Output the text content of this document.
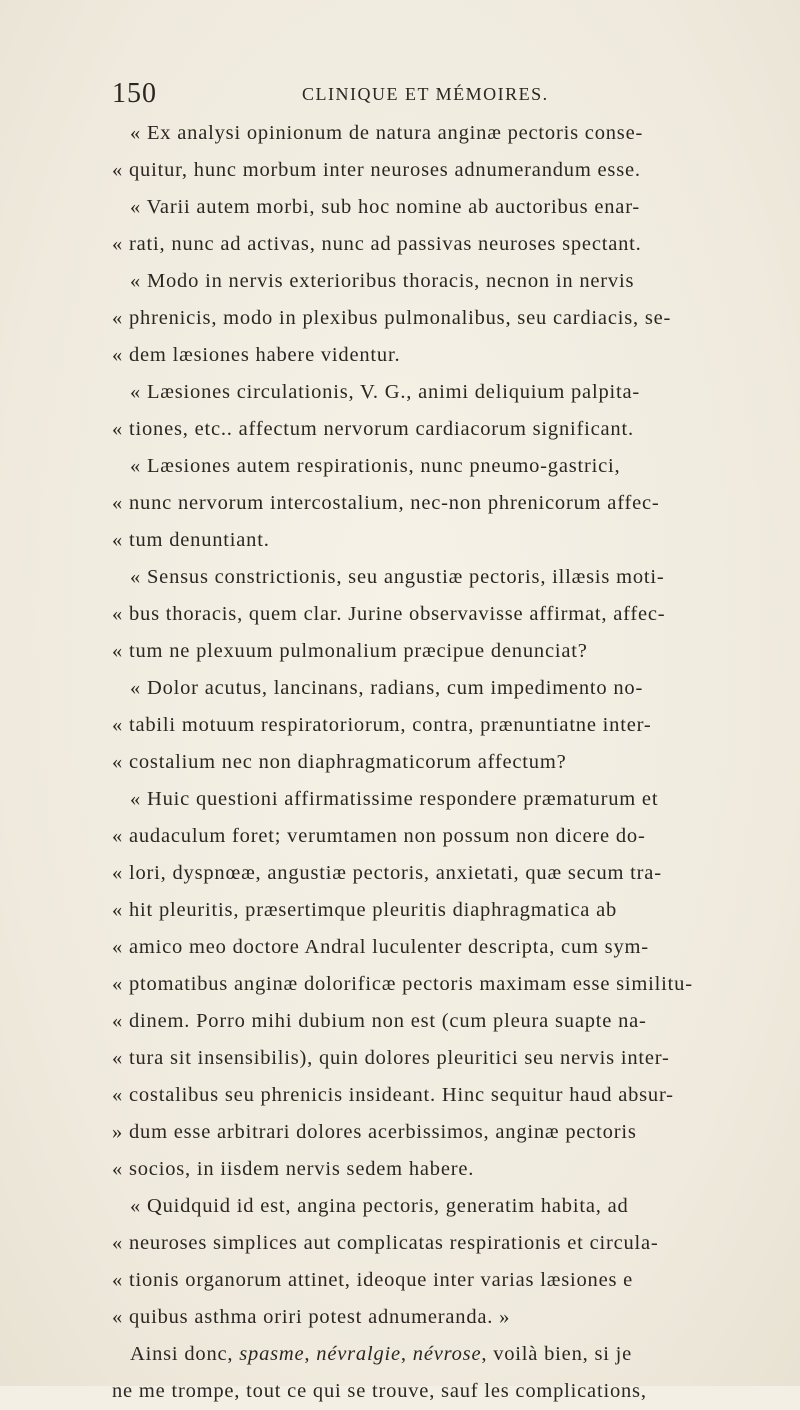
150	CLINIQUE ET MÉMOIRES.
« Ex analysi opinionum de natura anginæ pectoris conse-
« quitur, hunc morbum inter neuroses adnumerandum esse.
« Varii autem morbi, sub hoc nomine ab auctoribus enar-
« rati, nunc ad activas, nunc ad passivas neuroses spectant.
« Modo in nervis exterioribus thoracis, necnon in nervis
« phrenicis, modo in plexibus pulmonalibus, seu cardiacis, se-
« dem læsiones habere videntur.
« Læsiones circulationis, V. G., animi deliquium palpita-
« tiones, etc.. affectum nervorum cardiacorum significant.
« Læsiones autem respirationis, nunc pneumo-gastrici,
« nunc nervorum intercostalium, nec-non phrenicorum affec-
« tum denuntiant.
« Sensus constrictionis, seu angustiæ pectoris, illæsis moti-
« bus thoracis, quem clar. Jurine observavisse affirmat, affec-
« tum ne plexuum pulmonalium præcipue denunciat?
« Dolor acutus, lancinans, radians, cum impedimento no-
« tabili motuum respiratoriorum, contra, prænuntiatne inter-
« costalium nec non diaphragmaticorum affectum?
« Huic questioni affirmatissime respondere præmaturum et
« audaculum foret; verumtamen non possum non dicere do-
« lori, dyspnœæ, angustiæ pectoris, anxietati, quæ secum tra-
« hit pleuritis, præsertimque pleuritis diaphragmatica ab
« amico meo doctore Andral luculenter descripta, cum sym-
« ptomatibus anginæ dolorificæ pectoris maximam esse similitu-
« dinem. Porro mihi dubium non est (cum pleura suapte na-
« tura sit insensibilis), quin dolores pleuritici seu nervis inter-
« costalibus seu phrenicis insideant. Hinc sequitur haud absur-
» dum esse arbitrari dolores acerbissimos, anginæ pectoris
« socios, in iisdem nervis sedem habere.
« Quidquid id est, angina pectoris, generatim habita, ad
« neuroses simplices aut complicatas respirationis et circula-
« tionis organorum attinet, ideoque inter varias læsiones e
« quibus asthma oriri potest adnumeranda. »
Ainsi donc, spasme, névralgie, névrose, voilà bien, si je
ne me trompe, tout ce qui se trouve, sauf les complications,
